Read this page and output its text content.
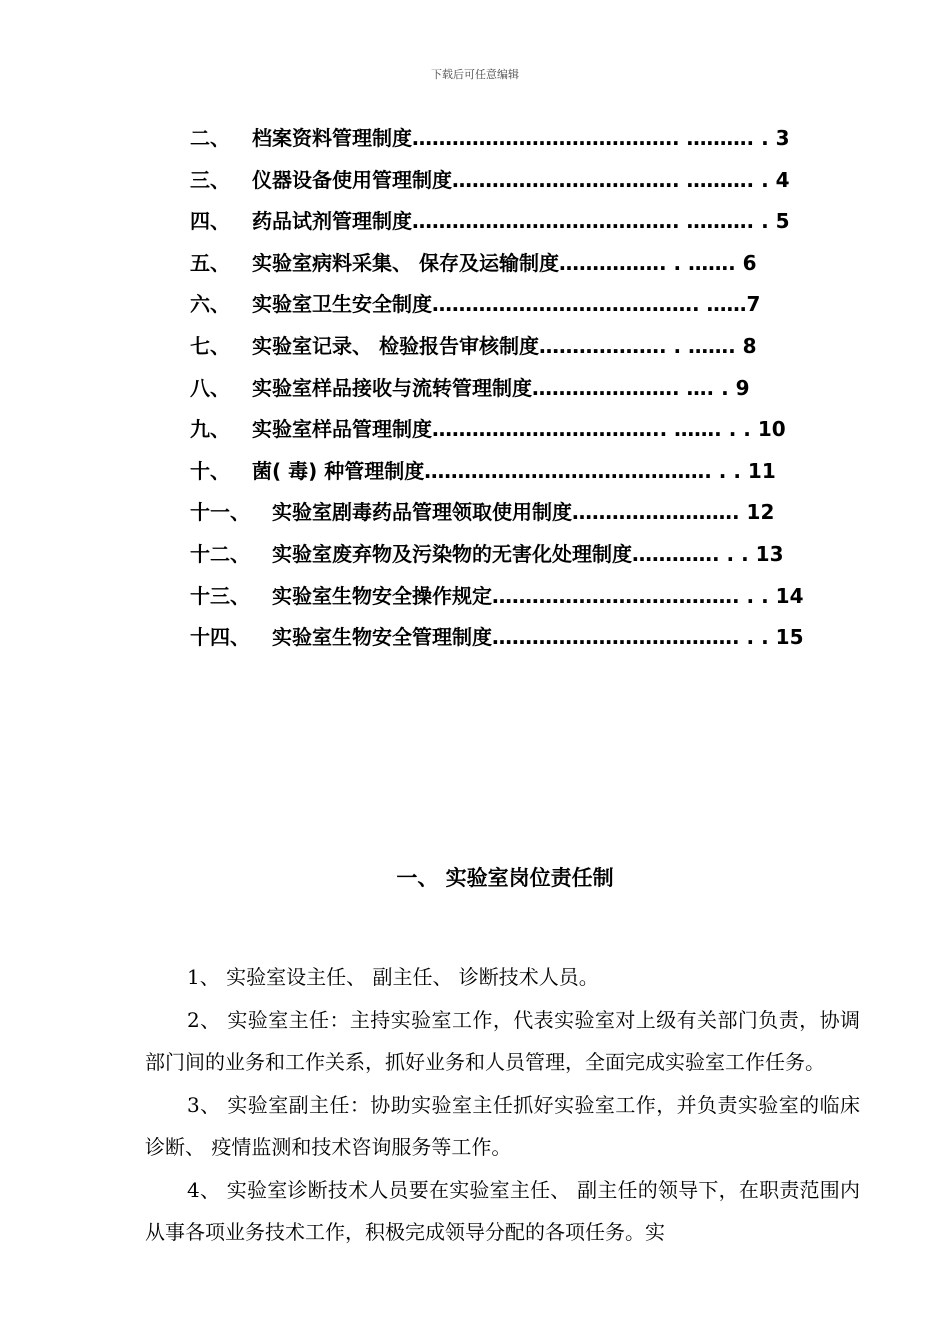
下载后可任意编辑
二、 档案资料管理制度 …………………………………. ………. . 3
三、 仪器设备使用管理制度 ……………………………. ………. . 4
四、 药品试剂管理制度 …………………………………. ………. . 5
五、 实验室病料采集、 保存及运输制度 ……………. . ……. 6
六、 实验室卫生安全制度 …………………………………. ……7
七、 实验室记录、 检验报告审核制度 ………………. . ……. 8
八、 实验室样品接收与流转管理制度 …………………. …. . 9
九、 实验室样品管理制度 …………………………….. ……. . . 10
十、 菌( 毒) 种管理制度 ……………………………………. . . 11
十一、 实验室剧毒药品管理领取使用制度 ……………………. 12
十二、 实验室废弃物及污染物的无害化处理制度 …………. . . 13
十三、 实验室生物安全操作规定 ………………………………. . . 14
十四、 实验室生物安全管理制度 ………………………………. . . 15
一、 实验室岗位责任制

1、 实验室设主任、 副主任、 诊断技术人员。

2、 实验室主任：主持实验室工作，代表实验室对上级有关部门负责，协调部门间的业务和工作关系，抓好业务和人员管理，全面完成实验室工作任务。

3、 实验室副主任：协助实验室主任抓好实验室工作，并负责实验室的临床诊断、 疫情监测和技术咨询服务等工作。

4、 实验室诊断技术人员要在实验室主任、 副主任的领导下，在职责范围内从事各项业务技术工作，积极完成领导分配的各项任务。实
